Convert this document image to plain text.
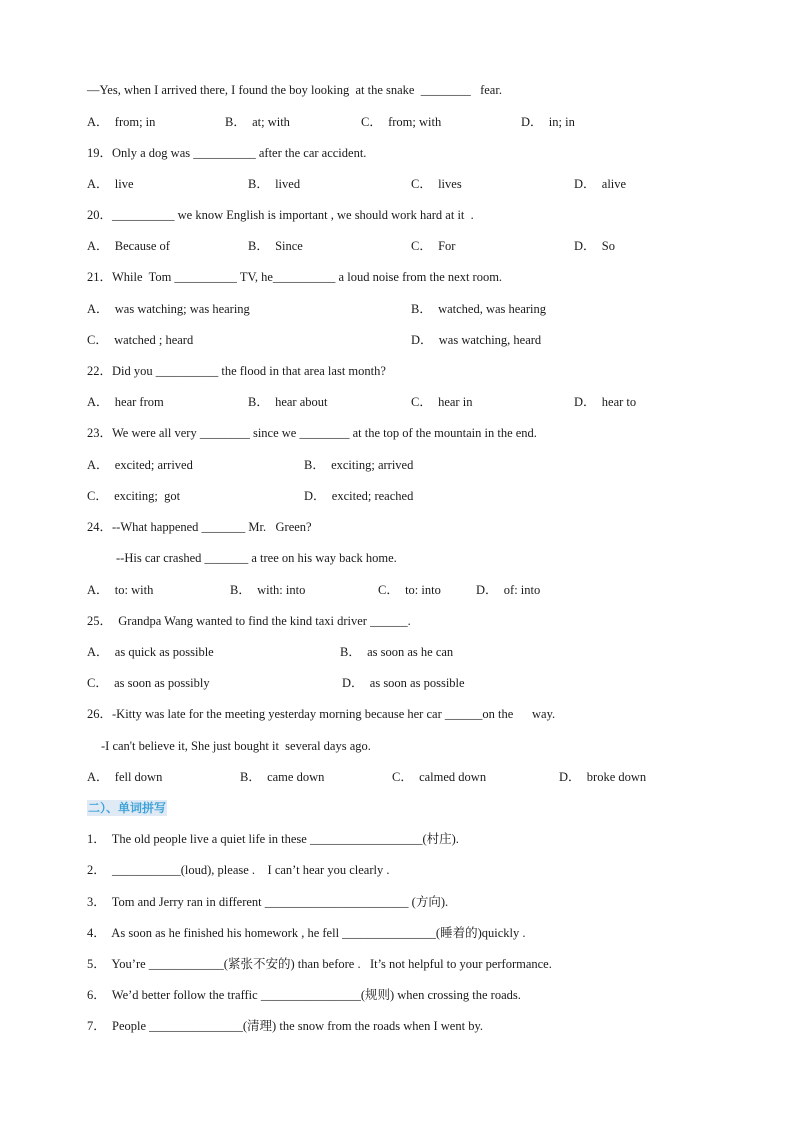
—Yes, when I arrived there, I found the boy looking  at the snake  ________   fear.
A．  from; in	B．  at; with	C．  from; with	D．  in; in
19．Only a dog was __________ after the car accident.
A．  live	B．  lived	C．  lives	D．  alive
20．__________ we know English is important , we should work hard at it  .
A．  Because of	B．  Since	C．  For	D．  So
21．While  Tom __________ TV, he__________ a loud noise from the next room.
A．  was watching; was hearing	B．  watched, was hearing
C．  watched ; heard	D．  was watching, heard
22．Did you __________ the flood in that area last month?
A．  hear from	B．  hear about	C．  hear in	D．  hear to
23．We were all very ________ since we ________ at the top of the mountain in the end.
A．  excited; arrived	B．  exciting; arrived
C．  exciting;  got	D．  excited; reached
24．--What happened _______ Mr.   Green?
--His car crashed _______ a tree on his way back home.
A．  to: with	B．  with: into	C．  to: into	D．  of: into
25．  Grandpa Wang wanted to find the kind taxi driver ______.
A．  as quick as possible	B．  as soon as he can
C．  as soon as possibly	D．  as soon as possible
26．-Kitty was late for the meeting yesterday morning because her car ______on the      way.
-I can't believe it, She just bought it  several days ago.
A．  fell down	B．  came down	C．  calmed down	D．  broke down
二）、单词拼写
1．  The old people live a quiet life in these __________________(村庄).
2．  ___________(loud), please .    I can’t hear you clearly .
3．  Tom and Jerry ran in different _______________________ (方向).
4．  As soon as he finished his homework , he fell _______________(睡着的)quickly .
5．  You’re ____________(紧张不安的) than before .   It’s not helpful to your performance.
6．  We’d better follow the traffic ________________(规则) when crossing the roads.
7．  People _______________(清理) the snow from the roads when I went by.
